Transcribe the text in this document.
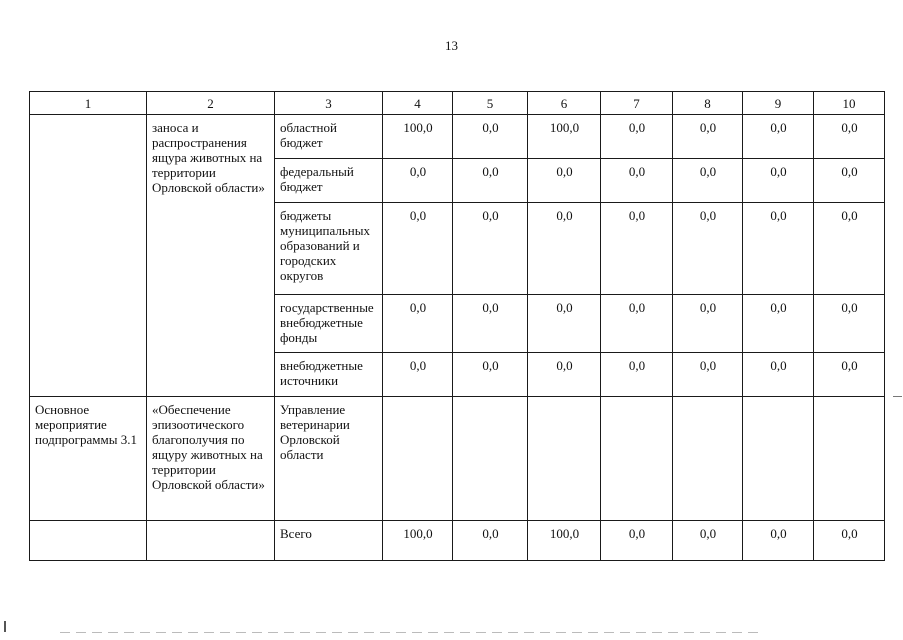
13
1	2	3	4	5	6	7	8	9	10
	заноса и распространения ящура животных на территории Орловской области»	областной бюджет	100,0	0,0	100,0	0,0	0,0	0,0	0,0
		федеральный бюджет	0,0	0,0	0,0	0,0	0,0	0,0	0,0
		бюджеты муниципальных образований и городских округов	0,0	0,0	0,0	0,0	0,0	0,0	0,0
		государственные внебюджетные фонды	0,0	0,0	0,0	0,0	0,0	0,0	0,0
		внебюджетные источники	0,0	0,0	0,0	0,0	0,0	0,0	0,0
Основное мероприятие подпрограммы 3.1	«Обеспечение эпизоотического благополучия по ящуру животных на территории Орловской области»	Управление ветеринарии Орловской области							
		Всего	100,0	0,0	100,0	0,0	0,0	0,0	0,0
